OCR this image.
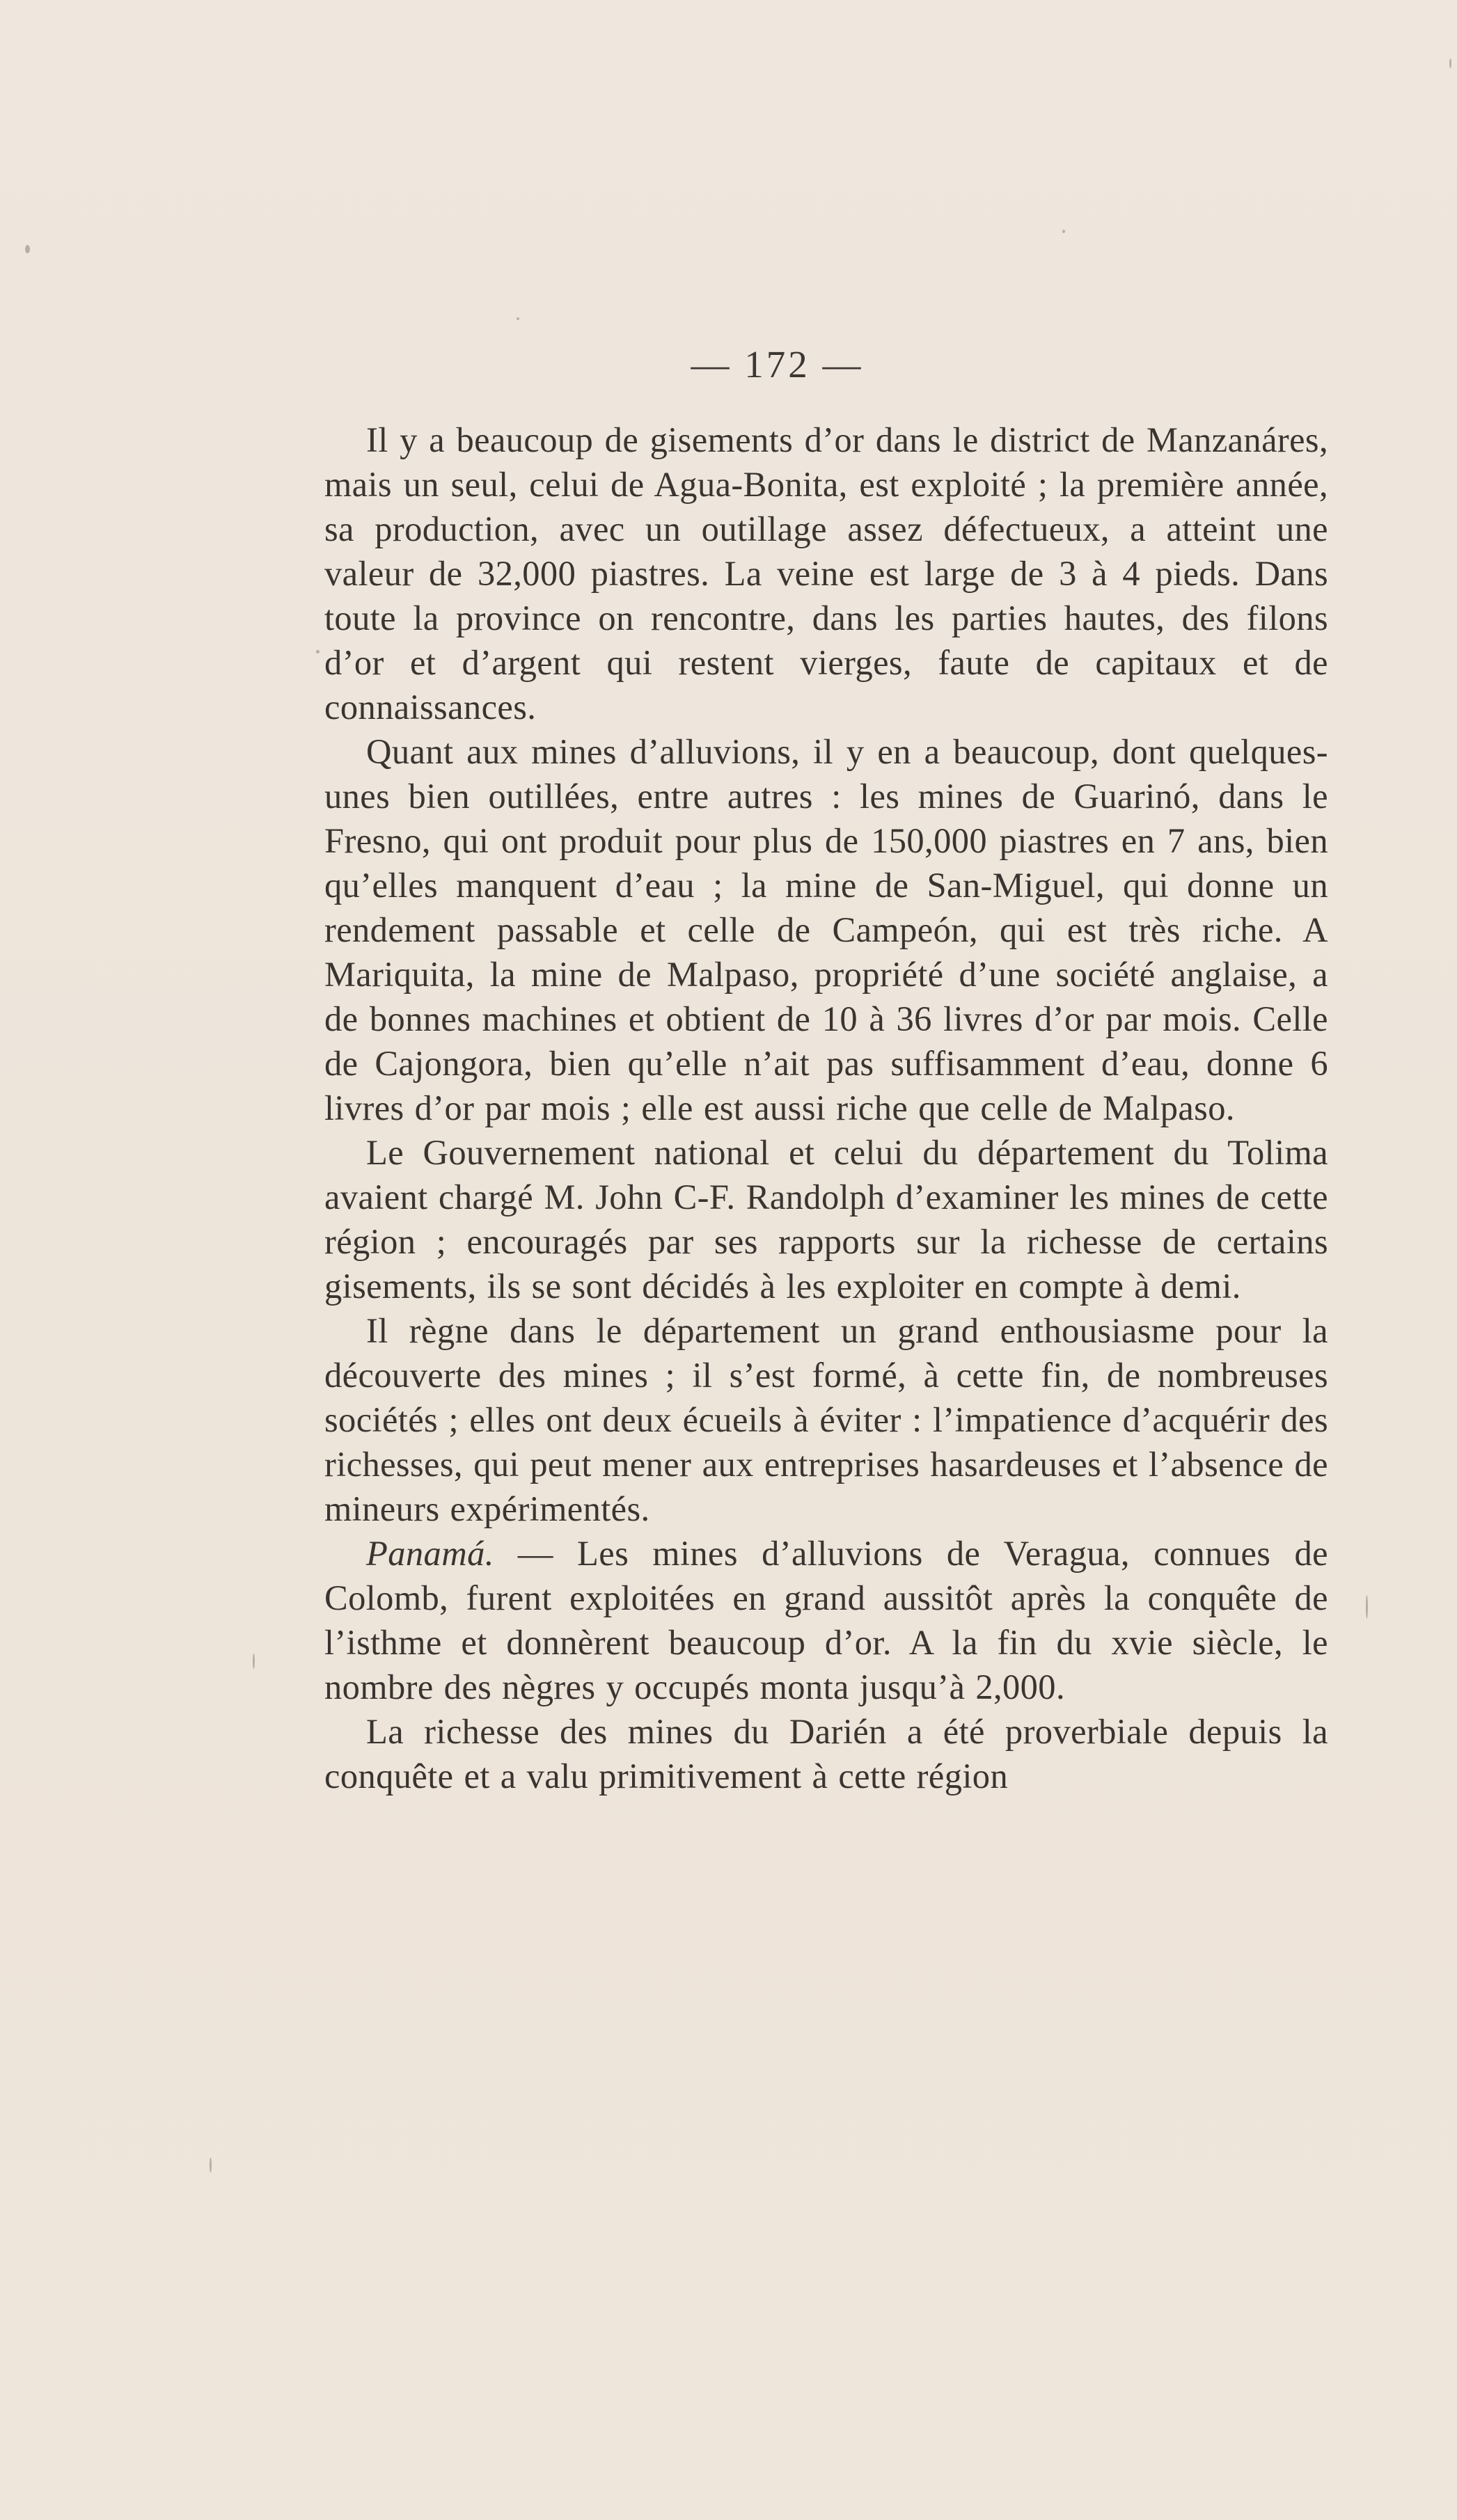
— 172 —

Il y a beaucoup de gisements d’or dans le district de Manzanáres, mais un seul, celui de Agua-Bonita, est exploité ; la première année, sa production, avec un outillage assez défectueux, a atteint une valeur de 32,000 piastres. La veine est large de 3 à 4 pieds. Dans toute la province on rencontre, dans les parties hautes, des filons d’or et d’argent qui restent vierges, faute de capitaux et de connaissances.

Quant aux mines d’alluvions, il y en a beaucoup, dont quelques-unes bien outillées, entre autres : les mines de Guarinó, dans le Fresno, qui ont produit pour plus de 150,000 piastres en 7 ans, bien qu’elles manquent d’eau ; la mine de San-Miguel, qui donne un rendement passable et celle de Campeón, qui est très riche. A Mariquita, la mine de Malpaso, propriété d’une société anglaise, a de bonnes machines et obtient de 10 à 36 livres d’or par mois. Celle de Cajongora, bien qu’elle n’ait pas suffisamment d’eau, donne 6 livres d’or par mois ; elle est aussi riche que celle de Malpaso.

Le Gouvernement national et celui du département du Tolima avaient chargé M. John C-F. Randolph d’examiner les mines de cette région ; encouragés par ses rapports sur la richesse de certains gisements, ils se sont décidés à les exploiter en compte à demi.

Il règne dans le département un grand enthousiasme pour la découverte des mines ; il s’est formé, à cette fin, de nombreuses sociétés ; elles ont deux écueils à éviter : l’impatience d’acquérir des richesses, qui peut mener aux entreprises hasardeuses et l’absence de mineurs expérimentés.

Panamá. — Les mines d’alluvions de Veragua, connues de Colomb, furent exploitées en grand aussitôt après la conquête de l’isthme et donnèrent beaucoup d’or. A la fin du xvie siècle, le nombre des nègres y occupés monta jusqu’à 2,000.

La richesse des mines du Darién a été proverbiale depuis la conquête et a valu primitivement à cette région
